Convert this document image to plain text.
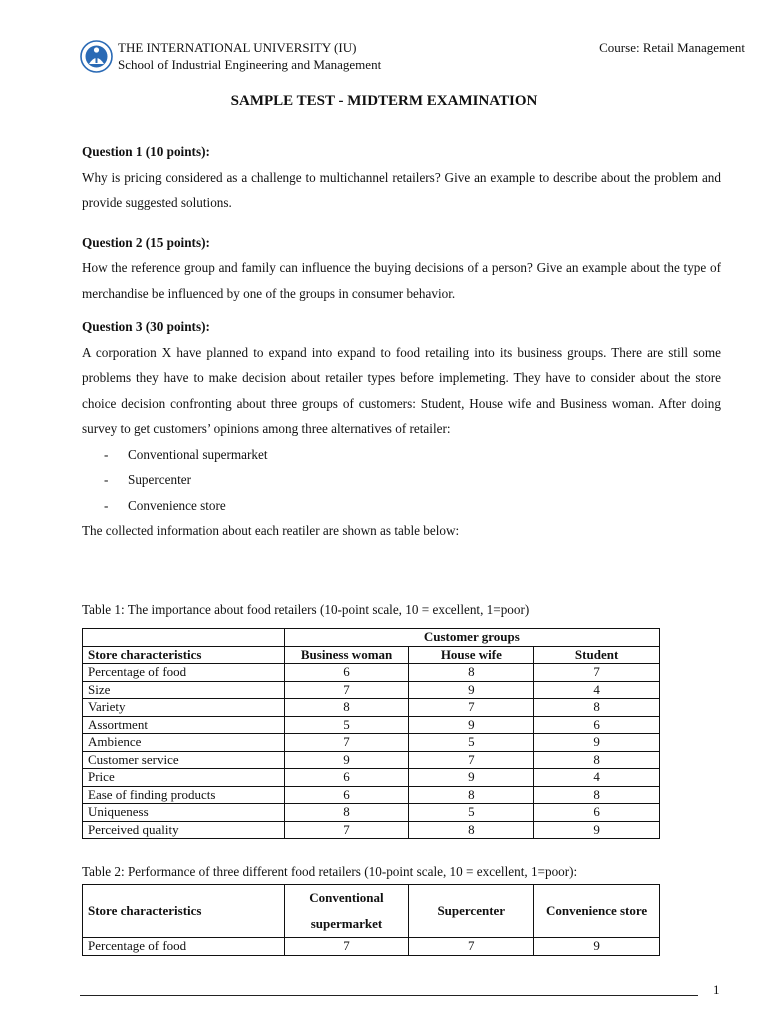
THE INTERNATIONAL UNIVERSITY (IU)
School of Industrial Engineering and Management
Course: Retail Management
SAMPLE TEST - MIDTERM EXAMINATION
Question 1 (10 points):
Why is pricing considered as a challenge to multichannel retailers? Give an example to describe about the problem and provide suggested solutions.
Question 2 (15 points):
How the reference group and family can influence the buying decisions of a person? Give an example about the type of merchandise be influenced by one of the groups in consumer behavior.
Question 3 (30 points):
A corporation X have planned to expand into expand to food retailing into its business groups. There are still some problems they have to make decision about retailer types before implemeting. They have to consider about the store choice decision confronting about three groups of customers: Student, House wife and Business woman. After doing survey to get customers’ opinions among three alternatives of retailer:
- Conventional supermarket
- Supercenter
- Convenience store
The collected information about each reatiler are shown as table below:
Table 1: The importance about food retailers (10-point scale, 10 = excellent, 1=poor)
	Customer groups		
Store characteristics	Business woman	House wife	Student
Percentage of food	6	8	7
Size	7	9	4
Variety	8	7	8
Assortment	5	9	6
Ambience	7	5	9
Customer service	9	7	8
Price	6	9	4
Ease of finding products	6	8	8
Uniqueness	8	5	6
Perceived quality	7	8	9
Table 2: Performance of three different food retailers (10-point scale, 10 = excellent, 1=poor):
Store characteristics	Conventional supermarket	Supercenter	Convenience store
Percentage of food	7	7	9
1
